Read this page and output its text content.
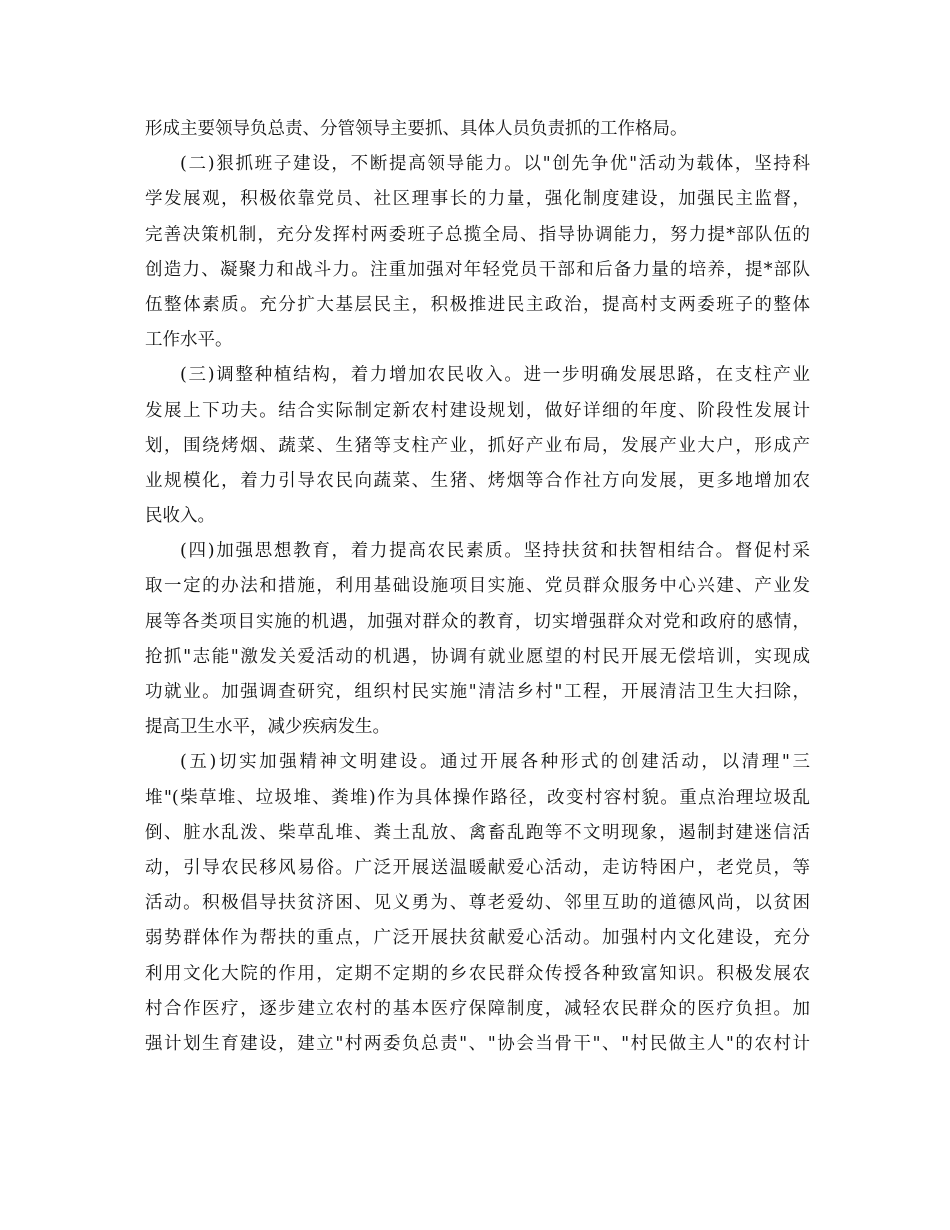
形成主要领导负总责、分管领导主要抓、具体人员负责抓的工作格局。
(二)狠抓班子建设，不断提高领导能力。以"创先争优"活动为载体，坚持科
学发展观，积极依靠党员、社区理事长的力量，强化制度建设，加强民主监督，
完善决策机制，充分发挥村两委班子总揽全局、指导协调能力，努力提*部队伍的
创造力、凝聚力和战斗力。注重加强对年轻党员干部和后备力量的培养，提*部队
伍整体素质。充分扩大基层民主，积极推进民主政治，提高村支两委班子的整体
工作水平。
(三)调整种植结构，着力增加农民收入。进一步明确发展思路，在支柱产业
发展上下功夫。结合实际制定新农村建设规划，做好详细的年度、阶段性发展计
划，围绕烤烟、蔬菜、生猪等支柱产业，抓好产业布局，发展产业大户，形成产
业规模化，着力引导农民向蔬菜、生猪、烤烟等合作社方向发展，更多地增加农
民收入。
(四)加强思想教育，着力提高农民素质。坚持扶贫和扶智相结合。督促村采
取一定的办法和措施，利用基础设施项目实施、党员群众服务中心兴建、产业发
展等各类项目实施的机遇，加强对群众的教育，切实增强群众对党和政府的感情，
抢抓"志能"激发关爱活动的机遇，协调有就业愿望的村民开展无偿培训，实现成
功就业。加强调查研究，组织村民实施"清洁乡村"工程，开展清洁卫生大扫除，
提高卫生水平，减少疾病发生。
(五)切实加强精神文明建设。通过开展各种形式的创建活动，以清理"三
堆"(柴草堆、垃圾堆、粪堆)作为具体操作路径，改变村容村貌。重点治理垃圾乱
倒、脏水乱泼、柴草乱堆、粪土乱放、禽畜乱跑等不文明现象，遏制封建迷信活
动，引导农民移风易俗。广泛开展送温暖献爱心活动，走访特困户，老党员，等
活动。积极倡导扶贫济困、见义勇为、尊老爱幼、邻里互助的道德风尚，以贫困
弱势群体作为帮扶的重点，广泛开展扶贫献爱心活动。加强村内文化建设，充分
利用文化大院的作用，定期不定期的乡农民群众传授各种致富知识。积极发展农
村合作医疗，逐步建立农村的基本医疗保障制度，减轻农民群众的医疗负担。加
强计划生育建设，建立"村两委负总责"、"协会当骨干"、"村民做主人"的农村计
